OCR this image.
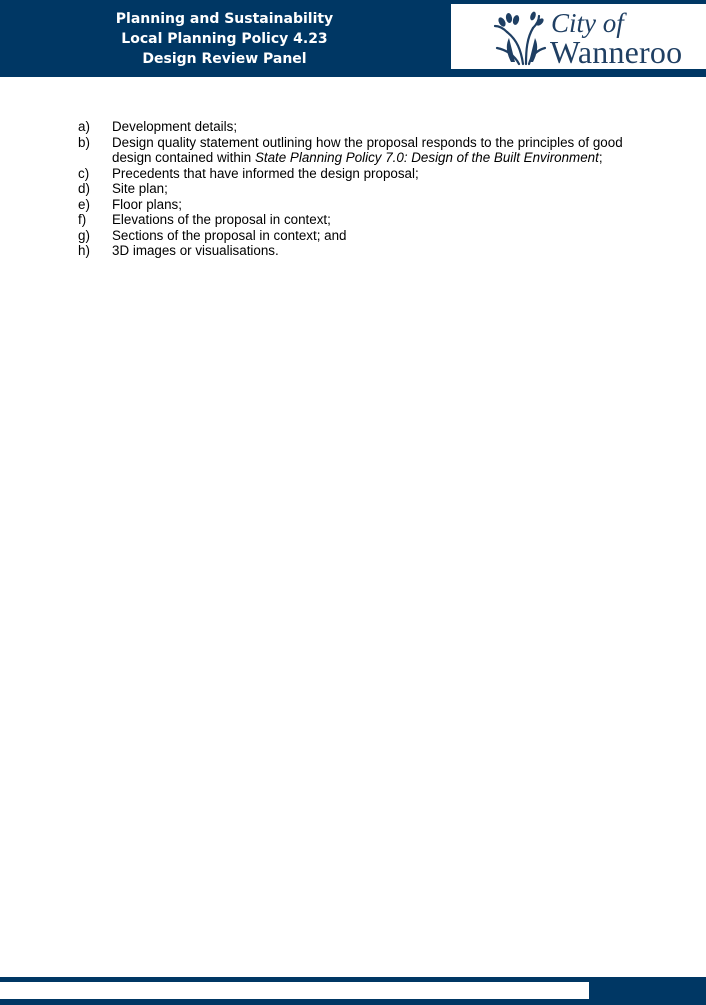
Planning and Sustainability
Local Planning Policy 4.23
Design Review Panel
City of
Wanneroo
a)	Development details;
b)	Design quality statement outlining how the proposal responds to the principles of good design contained within State Planning Policy 7.0: Design of the Built Environment;
c)	Precedents that have informed the design proposal;
d)	Site plan;
e)	Floor plans;
f)	Elevations of the proposal in context;
g)	Sections of the proposal in context; and
h)	3D images or visualisations.
